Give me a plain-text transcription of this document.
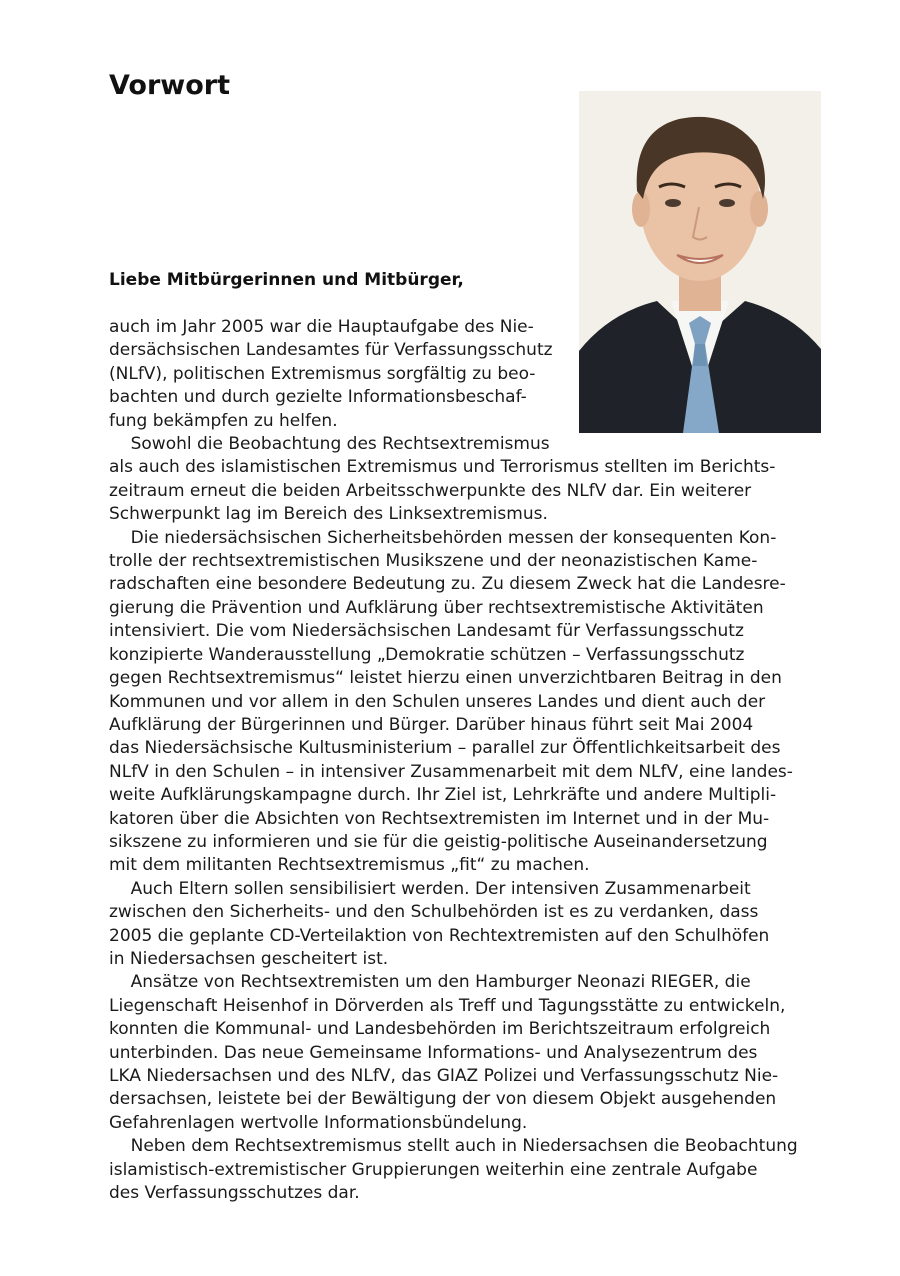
Vorwort

Liebe Mitbürgerinnen und Mitbürger,

auch im Jahr 2005 war die Hauptaufgabe des Nie-
dersächsischen Landesamtes für Verfassungsschutz
(NLfV), politischen Extremismus sorgfältig zu beo-
bachten und durch gezielte Informationsbeschaf-
fung bekämpfen zu helfen.
Sowohl die Beobachtung des Rechtsextremismus
als auch des islamistischen Extremismus und Terrorismus stellten im Berichts-
zeitraum erneut die beiden Arbeitsschwerpunkte des NLfV dar. Ein weiterer
Schwerpunkt lag im Bereich des Linksextremismus.
Die niedersächsischen Sicherheitsbehörden messen der konsequenten Kon-
trolle der rechtsextremistischen Musikszene und der neonazistischen Kame-
radschaften eine besondere Bedeutung zu. Zu diesem Zweck hat die Landesre-
gierung die Prävention und Aufklärung über rechtsextremistische Aktivitäten
intensiviert. Die vom Niedersächsischen Landesamt für Verfassungsschutz
konzipierte Wanderausstellung „Demokratie schützen – Verfassungsschutz
gegen Rechtsextremismus“ leistet hierzu einen unverzichtbaren Beitrag in den
Kommunen und vor allem in den Schulen unseres Landes und dient auch der
Aufklärung der Bürgerinnen und Bürger. Darüber hinaus führt seit Mai 2004
das Niedersächsische Kultusministerium – parallel zur Öffentlichkeitsarbeit des
NLfV in den Schulen – in intensiver Zusammenarbeit mit dem NLfV, eine landes-
weite Aufklärungskampagne durch. Ihr Ziel ist, Lehrkräfte und andere Multipli-
katoren über die Absichten von Rechtsextremisten im Internet und in der Mu-
sikszene zu informieren und sie für die geistig-politische Auseinandersetzung
mit dem militanten Rechtsextremismus „fit“ zu machen.
Auch Eltern sollen sensibilisiert werden. Der intensiven Zusammenarbeit
zwischen den Sicherheits- und den Schulbehörden ist es zu verdanken, dass
2005 die geplante CD-Verteilaktion von Rechtextremisten auf den Schulhöfen
in Niedersachsen gescheitert ist.
Ansätze von Rechtsextremisten um den Hamburger Neonazi RIEGER, die
Liegenschaft Heisenhof in Dörverden als Treff und Tagungsstätte zu entwickeln,
konnten die Kommunal- und Landesbehörden im Berichtszeitraum erfolgreich
unterbinden. Das neue Gemeinsame Informations- und Analysezentrum des
LKA Niedersachsen und des NLfV, das GIAZ Polizei und Verfassungsschutz Nie-
dersachsen, leistete bei der Bewältigung der von diesem Objekt ausgehenden
Gefahrenlagen wertvolle Informationsbündelung.
Neben dem Rechtsextremismus stellt auch in Niedersachsen die Beobachtung
islamistisch-extremistischer Gruppierungen weiterhin eine zentrale Aufgabe
des Verfassungsschutzes dar.
